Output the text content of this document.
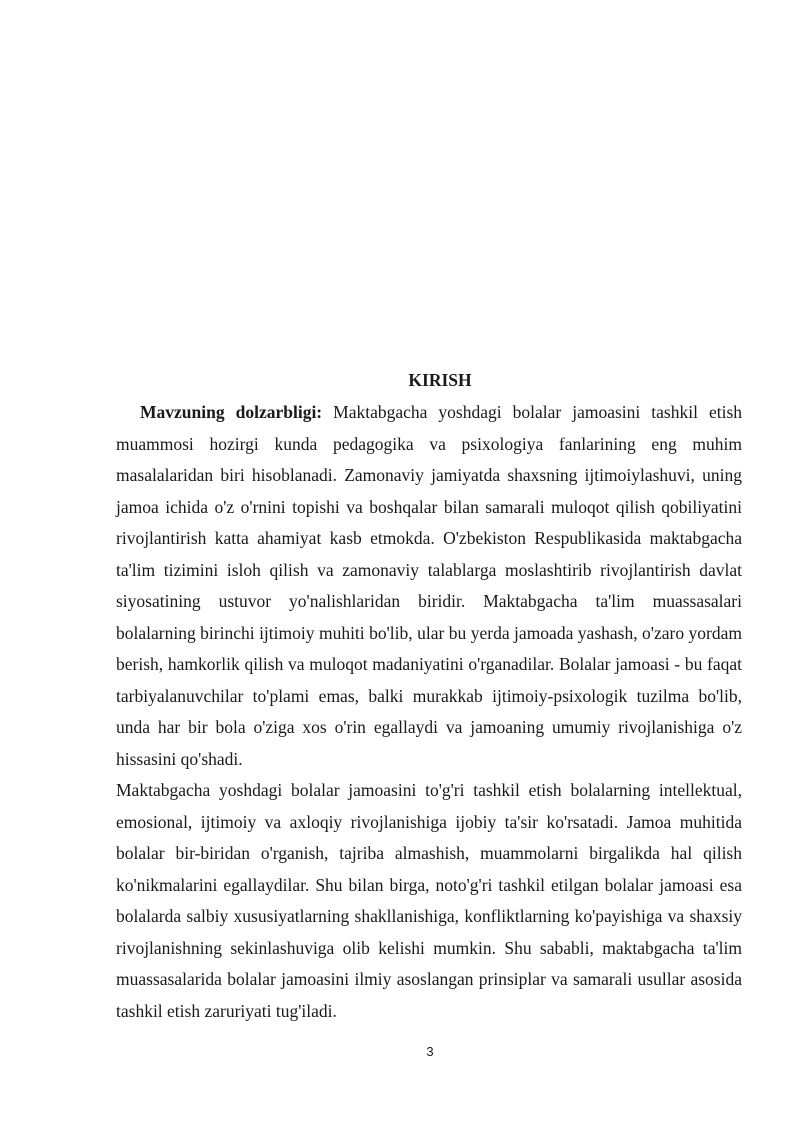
KIRISH

Mavzuning dolzarbligi: Maktabgacha yoshdagi bolalar jamoasini tashkil etish muammosi hozirgi kunda pedagogika va psixologiya fanlarining eng muhim masalalaridan biri hisoblanadi. Zamonaviy jamiyatda shaxsning ijtimoiylashuvi, uning jamoa ichida o'z o'rnini topishi va boshqalar bilan samarali muloqot qilish qobiliyatini rivojlantirish katta ahamiyat kasb etmokda. O'zbekiston Respublikasida maktabgacha ta'lim tizimini isloh qilish va zamonaviy talablarga moslashtirib rivojlantirish davlat siyosatining ustuvor yo'nalishlaridan biridir. Maktabgacha ta'lim muassasalari bolalarning birinchi ijtimoiy muhiti bo'lib, ular bu yerda jamoada yashash, o'zaro yordam berish, hamkorlik qilish va muloqot madaniyatini o'rganadilar. Bolalar jamoasi - bu faqat tarbiyalanuvchilar to'plami emas, balki murakkab ijtimoiy-psixologik tuzilma bo'lib, unda har bir bola o'ziga xos o'rin egallaydi va jamoaning umumiy rivojlanishiga o'z hissasini qo'shadi.

Maktabgacha yoshdagi bolalar jamoasini to'g'ri tashkil etish bolalarning intellektual, emosional, ijtimoiy va axloqiy rivojlanishiga ijobiy ta'sir ko'rsatadi. Jamoa muhitida bolalar bir-biridan o'rganish, tajriba almashish, muammolarni birgalikda hal qilish ko'nikmalarini egallaydilar. Shu bilan birga, noto'g'ri tashkil etilgan bolalar jamoasi esa bolalarda salbiy xususiyatlarning shakllanishiga, konfliktlarning ko'payishiga va shaxsiy rivojlanishning sekinlashuviga olib kelishi mumkin. Shu sababli, maktabgacha ta'lim muassasalarida bolalar jamoasini ilmiy asoslangan prinsiplar va samarali usullar asosida tashkil etish zaruriyati tug'iladi.

3
